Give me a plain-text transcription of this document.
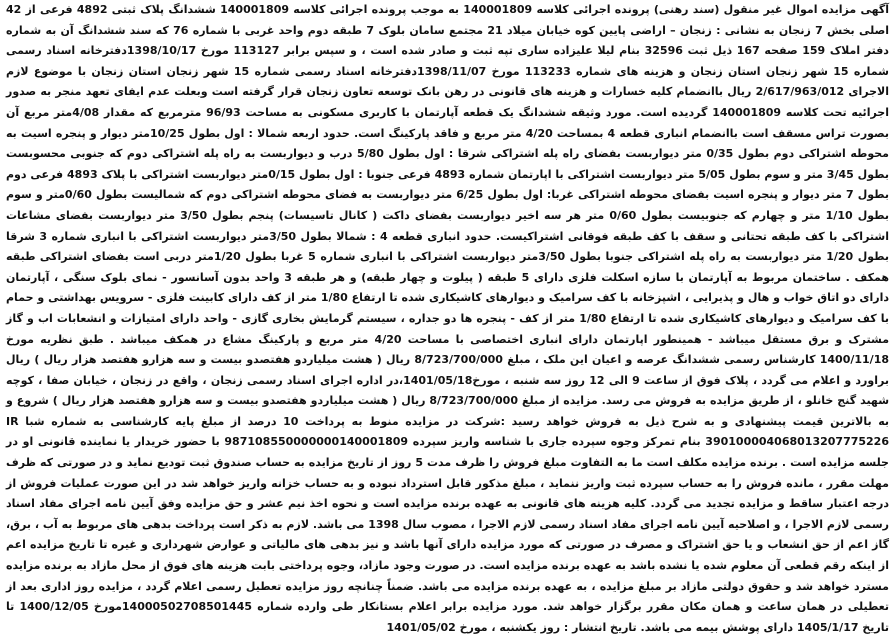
آگهی مزایده اموال غیر منقول (سند رهنی) پرونده اجرائی کلاسه 140001809 به موجب پرونده اجرائی کلاسه 140001809 ششدانگ پلاک ثبتی 4892 فرعی از 42 اصلی بخش 7 زنجان به نشانی : زنجان – اراضی پایین کوه خیابان میلاد 21 مجتمع سامان بلوک 7 طبقه دوم واحد غربی با شماره 76 که سند ششدانگ آن به شماره دفتر املاک 159 صفحه 167 ذیل ثبت 32596 بنام لیلا علیزاده ساری تپه ثبت و صادر شده است ، و سپس برابر 113127 مورخ 1398/10/17دفترخانه اسناد رسمی شماره 15 شهر زنجان استان زنجان و هزینه های شماره 113233 مورخ 1398/11/07دفترخانه اسناد رسمی شماره 15 شهر زنجان استان زنجان با موضوع لازم الاجرای 2/617/963/012 ریال باانضمام کلیه خسارات و هزینه های قانونی در رهن بانک توسعه تعاون زنجان قرار گرفته است وبعلت عدم ایفای تعهد منجر به صدور اجرائیه تحت کلاسه 140001809 گردیده است. مورد وثیقه ششدانگ یک قطعه آپارتمان با کاربری مسکونی به مساحت 96/93 مترمربع که مقدار 4/08متر مربع آن بصورت تراس مسقف است باانضمام انباری قطعه 4 بمساحت 4/20 متر مربع و فاقد پارکینگ است. حدود اربعه شمالا : اول بطول 10/25متر دیوار و پنجره اسیت به محوطه اشتراکی دوم بطول 0/35 متر دیواربست بفضای راه پله اشتراکی شرقا : اول بطول 5/80 درب و دیواربست به راه پله اشتراکی دوم که جنوبی محسوبست بطول 3/45 متر و سوم بطول 5/05 متر دیواربست اشتراکی با اپارتمان شماره 4893 فرعی جنوبا : اول بطول 0/15متر دیواربست اشتراکی با پلاک 4893 فرعی دوم بطول 7 متر دیوار و پنجره اسیت بفضای محوطه اشتراکی غربا: اول بطول 6/25 متر دیواربست به فضای محوطه اشتراکی دوم که شمالیست بطول 0/60متر و سوم بطول 1/10 متر و چهارم که جنوبیست بطول 0/60 متر هر سه اخیر دیواربست بفضای داکت ( کانال تاسیسات) پنجم بطول 3/50 متر دیواربست بفضای مشاعات اشتراکی با کف طبقه تحتانی و سقف با کف طبقه فوقانی اشتراکیست. حدود انباری قطعه 4 : شمالا بطول 3/50متر دیواربست اشتراکی با انباری شماره 3 شرقا بطول 1/20 متر دیواربست به راه پله اشتراکی جنوبا بطول 3/50متر دیواربست اشتراکی با انباری شماره 5 غربا بطول 1/20متر دربی است بفضای اشتراکی طبقه همکف . ساختمان مربوط به آپارتمان با سازه اسکلت فلزی دارای 5 طبقه ( پیلوت و چهار طبقه) و هر طبقه 3 واحد بدون آسانسور - نمای بلوک سنگی ، آپارتمان دارای دو اتاق خواب و هال و پذیرایی ، اشپزخانه با کف سرامیک و دیوارهای کاشیکاری شده تا ارتفاع 1/80 متر از کف دارای کابینت فلزی - سرویس بهداشتی و حمام با کف سرامیک و دیوارهای کاشیکاری شده تا ارتفاع 1/80 متر از کف - پنجره ها دو جداره ، سیستم گرمایش بخاری گازی - واحد دارای امتیازات و انشعابات اب و گاز مشترک و برق مستقل میباشد - همینطور اپارتمان دارای انباری اختصاصی با مساحت 4/20 متر مربع و پارکینگ مشاع در همکف میباشد . طبق نظریه مورخ 1400/11/18 کارشناس رسمی ششدانگ عرصه و اعیان این ملک ، مبلغ 8/723/700/000 ریال ( هشت میلیاردو هفتصدو بیست و سه هزارو هفتصد هزار ریال ) ریال براورد و اعلام می گردد ، پلاک فوق از ساعت 9 الی 12 روز سه شنبه ، مورخ1401/05/18،در اداره اجرای اسناد رسمی زنجان ، واقع در زنجان ، خیابان صفا ، کوچه شهید گنج خانلو ، از طریق مزایده به فروش می رسد. مزایده از مبلغ 8/723/700/000 ریال ( هشت میلیاردو هفتصدو بیست و سه هزارو هفتصد هزار ریال ) شروع و به بالاترین قیمت پیشنهادی و به شرح ذیل به فروش خواهد رسید :شرکت در مزایده منوط به پرداخت 10 درصد از مبلغ پایه کارشناسی به شماره شبا IR 390100004068013207775226 بنام تمرکز وجوه سپرده جاری با شناسه واریز سپرده 987108550000000140001809 با حضور خریدار یا نماینده قانونی او در جلسه مزایده است . برنده مزایده مکلف است ما به التفاوت مبلغ فروش را ظرف مدت 5 روز از تاریخ مزایده به حساب صندوق ثبت تودیع نماید و در صورتی که ظرف مهلت مقرر ، مانده فروش را به حساب سپرده ثبت واریز ننماید ، مبلغ مذکور قابل استرداد نبوده و به حساب خزانه واریز خواهد شد در این صورت عملیات فروش از درجه اعتبار ساقط و مزایده تجدید می گردد. کلیه هزینه های قانونی به عهده برنده مزایده است و نحوه اخذ نیم عشر و حق مزایده وفق آیین نامه اجرای مفاد اسناد رسمی لازم الاجرا ، و اصلاحیه آیین نامه اجرای مفاد اسناد رسمی لازم الاجرا ، مصوب سال 1398 می باشد. لازم به ذکر است پرداخت بدهی های مربوط به آب ، برق، گاز اعم از حق انشعاب و یا حق اشتراک و مصرف در صورتی که مورد مزایده دارای آنها باشد و نیز بدهی های مالیاتی و عوارض شهرداری و غیره تا تاریخ مزایده اعم از اینکه رقم قطعی آن معلوم شده یا نشده باشد به عهده برنده مزایده است. در صورت وجود مازاد، وجوه پرداختی بابت هزینه های فوق از محل مازاد به برنده مزایده مسترد خواهد شد و حقوق دولتی مازاد بر مبلغ مزایده ، به عهده برنده مزایده می باشد. ضمناً چنانچه روز مزایده تعطیل رسمی اعلام گردد ، مزایده روز اداری بعد از تعطیلی در همان ساعت و همان مکان مقرر برگزار خواهد شد. مورد مزایده برابر اعلام بستانکار طی وارده شماره 14000502708501445مورخ 1400/12/05 تا تاریخ 1405/1/17 دارای پوشش بیمه می باشد. تاریخ انتشار : روز یکشنبه ، مورخ 1401/05/02
